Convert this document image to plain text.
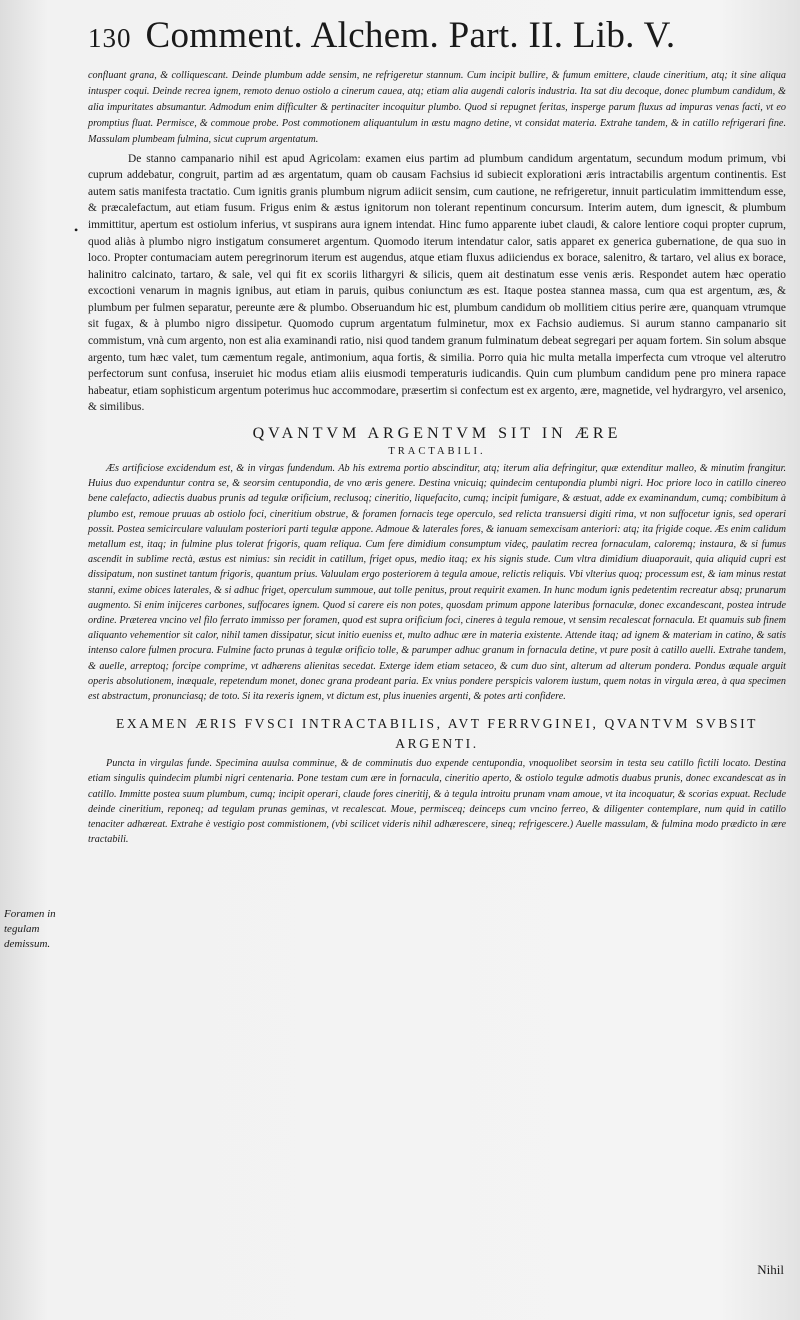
130 Comment. Alchem. Part. II. Lib. V.
•

confluant grana, & colliquescant. Deinde plumbum adde sensim, ne refrigeretur stannum. Cum incipit bullire, & fumum emittere, claude cineritium, atq; it sine aliqua intusper coqui. Deinde recrea ignem, remoto denuo ostiolo a cinerum cauea, atq; etiam alia augendi caloris industria. Ita sat diu decoquе, donec plumbum candidum, & alia impuritates absumantur. Admodum enim difficulter & pertinaciter incoquitur plumbo. Quod si repugnet feritas, insperge parum fluxus ad impuras venas facti, vt eo promptius fluat. Permisce, & commoue probe. Post commotionem aliquantulum in æstu magno detine, vt considat materia. Extrahe tandem, & in catillo refrigerari fine. Massulam plumbeam fulmina, sicut cuprum argentatum.

De stanno campanario nihil est apud Agricolam: examen eius partim ad plumbum candidum argentatum, secundum modum primum, vbi cuprum addebatur, congruit, partim ad æs argentatum, quam ob causam Fachsius id subiecit explorationi æris intractabilis argentum continentis. Est autem satis manifesta tractatio. Cum ignitis granis plumbum nigrum adiicit sensim, cum cautione, ne refrigeretur, innuit particulatim immittendum esse, & præcalefactum, aut etiam fusum. Frigus enim & æstus ignitorum non tolerant repentinum concursum. Interim autem, dum ignescit, & plumbum immittitur, apertum est ostiolum inferius, vt suspirans aura ignem intendat. Hinc fumo apparente iubet claudi, & calore lentiore coqui propter cuprum, quod aliàs à plumbo nigro instigatum consumeret argentum. Quomodo iterum intendatur calor, satis apparet ex generica gubernatione, de qua suo in loco. Propter contumaciam autem peregrinorum iterum est augendus, atque etiam fluxus adiiciendus ex borace, salenitro, & tartaro, vel alius ex borace, halinitro calcinato, tartaro, & sale, vel qui fit ex scoriis lithargyri & silicis, quem ait destinatum esse venis æris. Respondet autem hæc operatio excoctioni venarum in magnis ignibus, aut etiam in paruis, quibus coniunctum æs est. Itaque postea stannea massa, cum qua est argentum, æs, & plumbum per fulmen separatur, pereunte ære & plumbo. Obseruandum hic est, plumbum candidum ob mollitiem citius perire ære, quanquam vtrumque sit fugax, & à plumbo nigro dissipetur. Quomodo cuprum argentatum fulminetur, mox ex Fachsio audiemus. Si aurum stanno campanario sit commistum, vnà cum argento, non est alia examinandi ratio, nisi quod tandem granum fulminatum debeat segregari per aquam fortem. Sin solum absque argento, tum hæc valet, tum cæmentum regale, antimonium, aqua fortis, & similia. Porro quia hic multa metalla imperfecta cum vtroque vel alterutro perfectorum sunt confusa, inseruiet hic modus etiam aliis eiusmodi temperaturis iudicandis. Quin cum plumbum candidum pene pro minera rapace habeatur, etiam sophisticum argentum poterimus huc accommodare, præsertim si confectum est ex argento, ære, magnetide, vel hydrargyro, vel arsenico, & similibus.

QVANTVM ARGENTVM SIT IN ÆRE
TRACTABILI.

Æs artificiose excidendum est, & in virgas fundendum. Ab his extrema portio abscinditur, atq; iterum alia defringitur, quæ extenditur malleo, & minutim frangitur. Huius duo expenduntur contra se, & seorsim centupondia, de vno æris genere. Destina vnicuiq; quindecim centupondia plumbi nigri. Hoc priore loco in catillo cinereo bene calefacto, adiectis duabus prunis ad tegulæ orificium, reclusoq; cineritio, liquefacito, cumq; incipit fumigare, & æstuat, adde ex examinandum, cumq; combibitum à plumbo est, remoue pruuas ab ostiolo foci, cineritium obstrue, & foramen fornacis tege operculo, sed relicta transuersi digiti rima, vt non suffocetur ignis, sed operari possit. Postea semicirculare valuulam posteriori parti tegulæ appone. Admoue & laterales fores, & ianuam semexcisam anteriori: atq; ita frigide coque. Æs enim calidum metallum est, itaq; in fulmine plus tolerat frigoris, quam reliqua. Cum fere dimidium consumptum videς, paulatim recrea fornaculam, caloremq; instaura, & si fumus ascendit in sublime rectà, æstus est nimius: sin recidit in catillum, friget opus, medio itaq; ex his signis stude. Cum vltra dimidium diuaporauit, quia aliquid cupri est dissipatum, non sustinet tantum frigoris, quantum prius. Valuulam ergo posteriorem à tegula amoue, relictis reliquis. Vbi vlterius quoq; processum est, & iam minus restat stanni, exime obices laterales, & si adhuc friget, operculum summoue, aut tolle penitus, prout requirit examen. In hunc modum ignis pedetentim recreatur absq; prunarum augmento. Si enim inijceres carbones, suffocares ignem. Quod si carere eis non potes, quosdam primum appone lateribus fornaculæ, donec excandescant, postea intrude ordine. Præterea vncino vel filo ferrato immisso per foramen, quod est supra orificium foci, cineres à tegula remoue, vt sensim recalescat fornacula. Et quamuis sub finem aliquanto vehementior sit calor, nihil tamen dissipatur, sicut initio eueniss et, multo adhuc ære in materia existente. Attende itaq; ad ignem & materiam in catino, & satis intenso calore fulmen procura. Fulmine facto prunas à tegulæ orificio tolle, & parumper adhuc granum in fornacula detine, vt pure posit à catillo auelli. Extrahe tandem, & auelle, arreptoq; forcipe comprime, vt adhærens alienitas secedat. Exterge idem etiam setaceo, & cum duo sint, alterum ad alterum pondera. Pondus æquale arguit operis absolutionem, inæquale, repetendum monet, donec grana prodeant paria. Ex vnius pondere perspicis valorem iustum, quem notas in virgula ærea, à qua specimen est abstractum, pronunciasq; de toto. Si ita rexeris ignem, vt dictum est, plus inuenies argenti, & potes arti confidere.

EXAMEN ÆRIS FVSCI INTRACTABILIS, AVT FERRVGINEI, QVANTVM SVBSIT ARGENTI.

Puncta in virgulas funde. Specimina auulsa comminue, & de comminutis duo expende centupondia, vnoquolibet seorsim in testa seu catillo fictili locato. Destina etiam singulis quindecim plumbi nigri centenaria. Pone testam cum ære in fornacula, cineritio aperto, & ostiolo tegulæ admotis duabus prunis, donec excandescat as in catillo. Immitte postea suum plumbum, cumq; incipit operari, claude fores cineritij, & à tegula introitu prunam vnam amoue, vt ita incoquatur, & scorias expuat. Reclude deinde cineritium, reponeq; ad tegulam prunas geminas, vt recalescat. Moue, permisceq; deinceps cum vncino ferreo, & diligenter contemplare, num quid in catillo tenaciter adhæreat. Extrahe è vestigio post commistionem, (vbi scilicet videris nihil adhærescere, sineq; refrigescere.) Auelle massulam, & fulmina modo prædicto in ære tractabili.

Foramen in tegulam demissum.
Nihil
